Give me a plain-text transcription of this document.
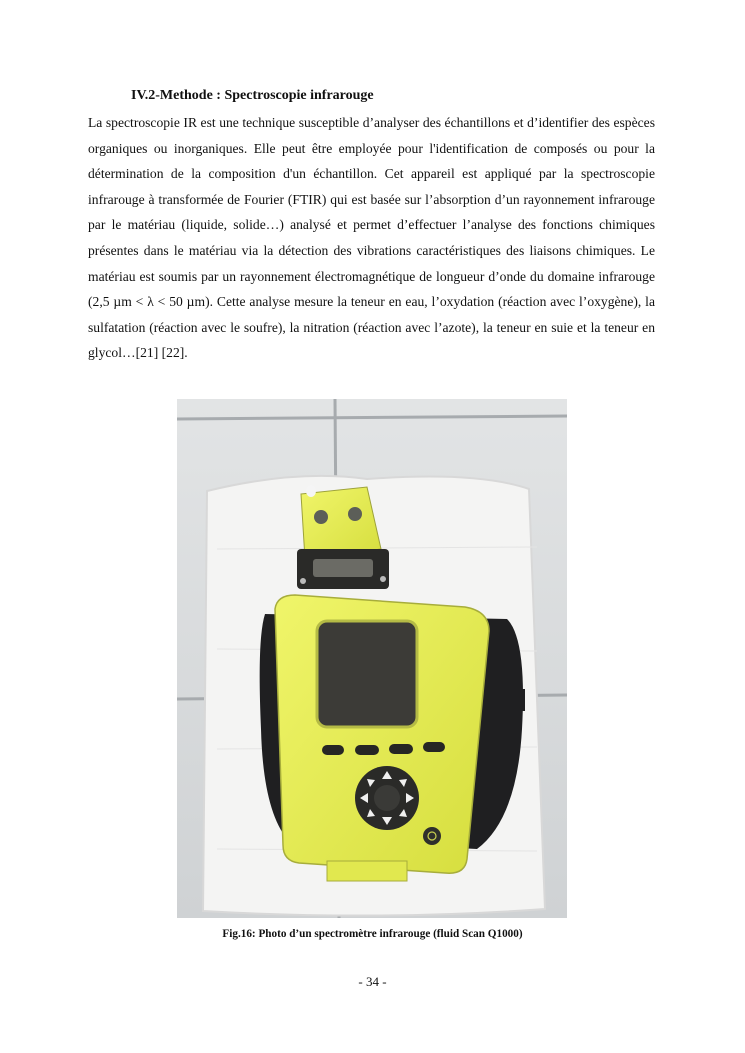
IV.2-Methode : Spectroscopie infrarouge

La spectroscopie IR est une technique susceptible d’analyser des échantillons et d’identifier des espèces organiques ou inorganiques. Elle peut être employée pour l'identification de composés ou pour la détermination de la composition d'un échantillon. Cet appareil est appliqué par la spectroscopie infrarouge à transformée de Fourier (FTIR) qui est basée sur l’absorption d’un rayonnement infrarouge par le matériau (liquide, solide…) analysé et permet d’effectuer l’analyse des fonctions chimiques présentes dans le matériau via la détection des vibrations caractéristiques des liaisons chimiques. Le matériau est soumis par un rayonnement électromagnétique de longueur d’onde du domaine infrarouge (2,5 µm < λ < 50 µm). Cette analyse mesure la teneur en eau, l’oxydation (réaction avec l’oxygène), la sulfatation (réaction avec le soufre), la nitration (réaction avec l’azote), la teneur en suie et la teneur en glycol…[21] [22].

Fig.16: Photo d’un spectromètre infrarouge (fluid Scan Q1000)
- 34 -
